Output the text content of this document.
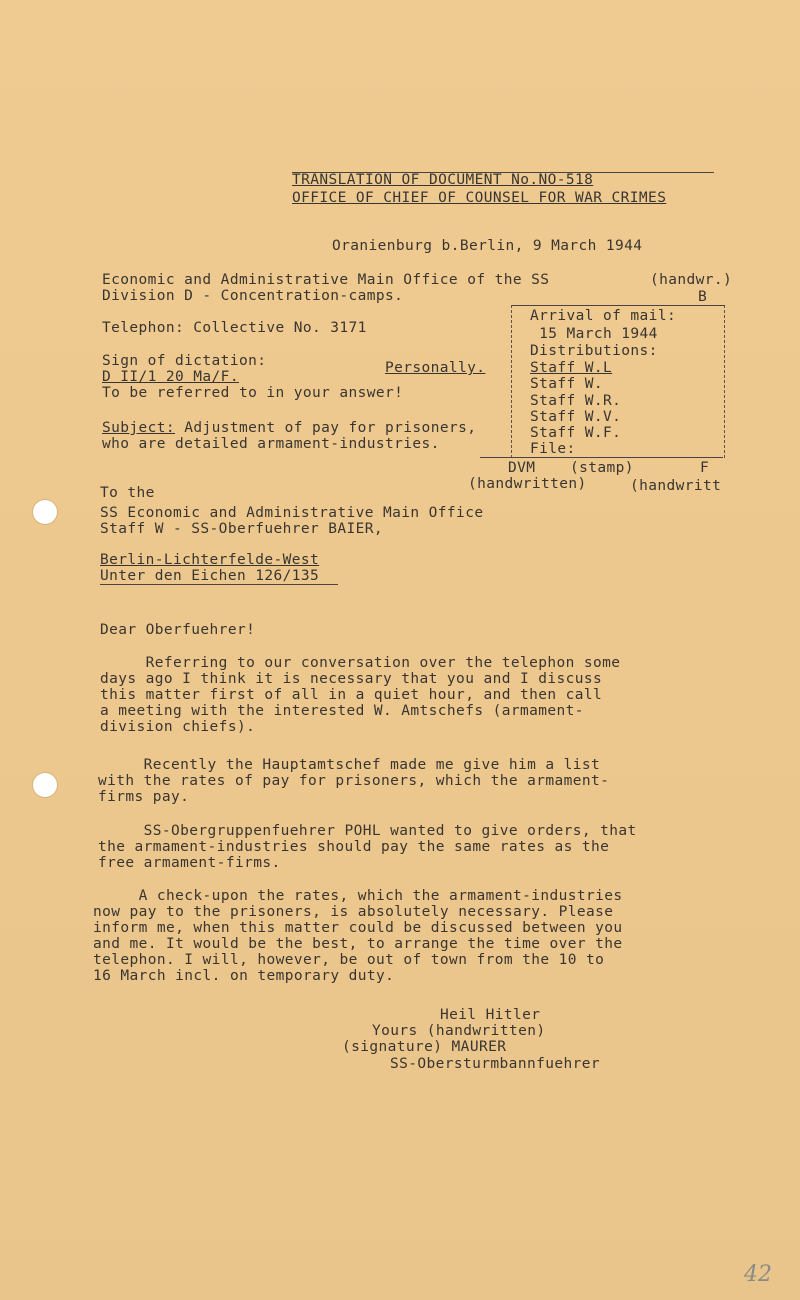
TRANSLATION OF DOCUMENT No.NO-518
OFFICE OF CHIEF OF COUNSEL FOR WAR CRIMES
Oranienburg b.Berlin, 9 March 1944
Economic and Administrative Main Office of the SS
Division D - Concentration-camps.
(handwr.)
B
Telephon: Collective No. 3171
Sign of dictation:
D II/1 20 Ma/F.
Personally.
To be referred to in your answer!
Subject: Adjustment of pay for prisoners,
who are detailed armament-industries.
Arrival of mail:
15 March 1944
Distributions:
Staff W.L
Staff W.
Staff W.R.
Staff W.V.
Staff W.F.
File:
DVM (stamp)	F
(handwritten)	(handwritt
To the
SS Economic and Administrative Main Office
Staff W - SS-Oberfuehrer BAIER,
Berlin-Lichterfelde-West
Unter den Eichen 126/135
Dear Oberfuehrer!
Referring to our conversation over the telephon some
days ago I think it is necessary that you and I discuss
this matter first of all in a quiet hour, and then call
a meeting with the interested W. Amtschefs (armament-
division chiefs).
Recently the Hauptamtschef made me give him a list
with the rates of pay for prisoners, which the armament-
firms pay.
SS-Obergruppenfuehrer POHL wanted to give orders, that
the armament-industries should pay the same rates as the
free armament-firms.
A check-upon the rates, which the armament-industries
now pay to the prisoners, is absolutely necessary. Please
inform me, when this matter could be discussed between you
and me. It would be the best, to arrange the time over the
telephon. I will, however, be out of town from the 10 to
16 March incl. on temporary duty.
Heil Hitler
Yours (handwritten)
(signature) MAURER
SS-Obersturmbannfuehrer
42
